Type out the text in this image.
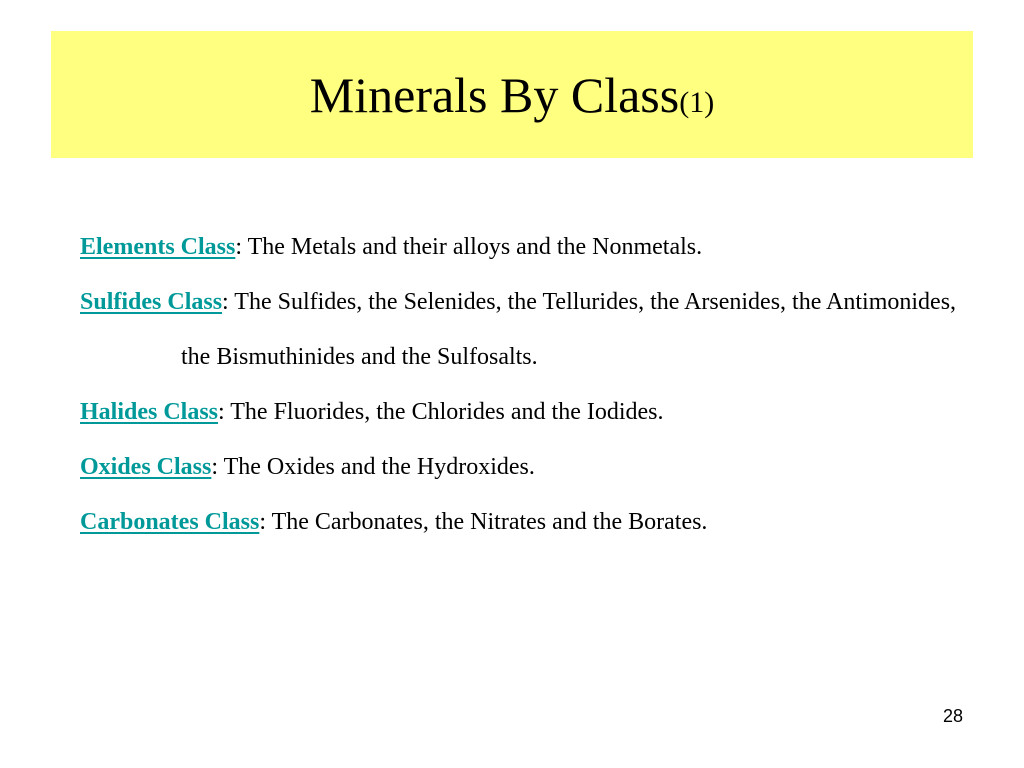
Minerals By Class(1)

Elements Class: The Metals and their alloys and the Nonmetals.

Sulfides Class: The Sulfides, the Selenides, the Tellurides, the Arsenides, the Antimonides, the Bismuthinides and the Sulfosalts.

Halides Class: The Fluorides, the Chlorides and the Iodides.

Oxides Class: The Oxides and the Hydroxides.

Carbonates Class: The Carbonates, the Nitrates and the Borates.

28
